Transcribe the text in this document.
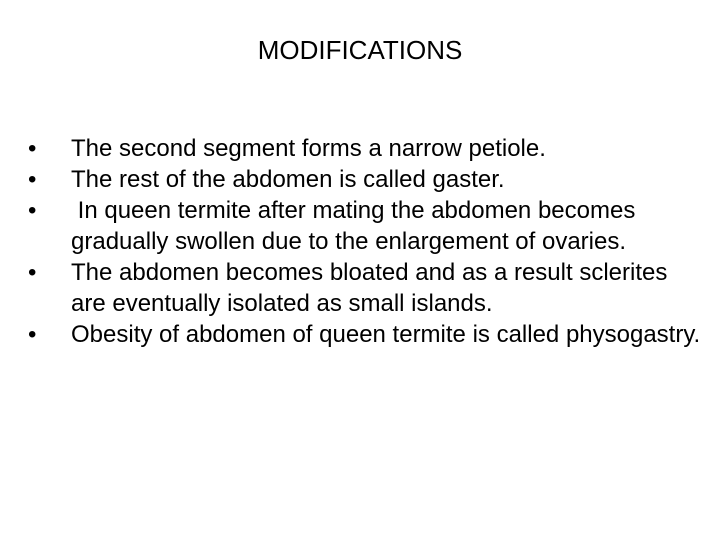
MODIFICATIONS
•	The second segment forms a narrow petiole.
•	The rest of the abdomen is called gaster.
•	In queen termite after mating the abdomen becomes gradually swollen due to the enlargement of ovaries.
•	The abdomen becomes bloated and as a result sclerites are eventually isolated as small islands.
•	Obesity of abdomen of queen termite is called physogastry.
